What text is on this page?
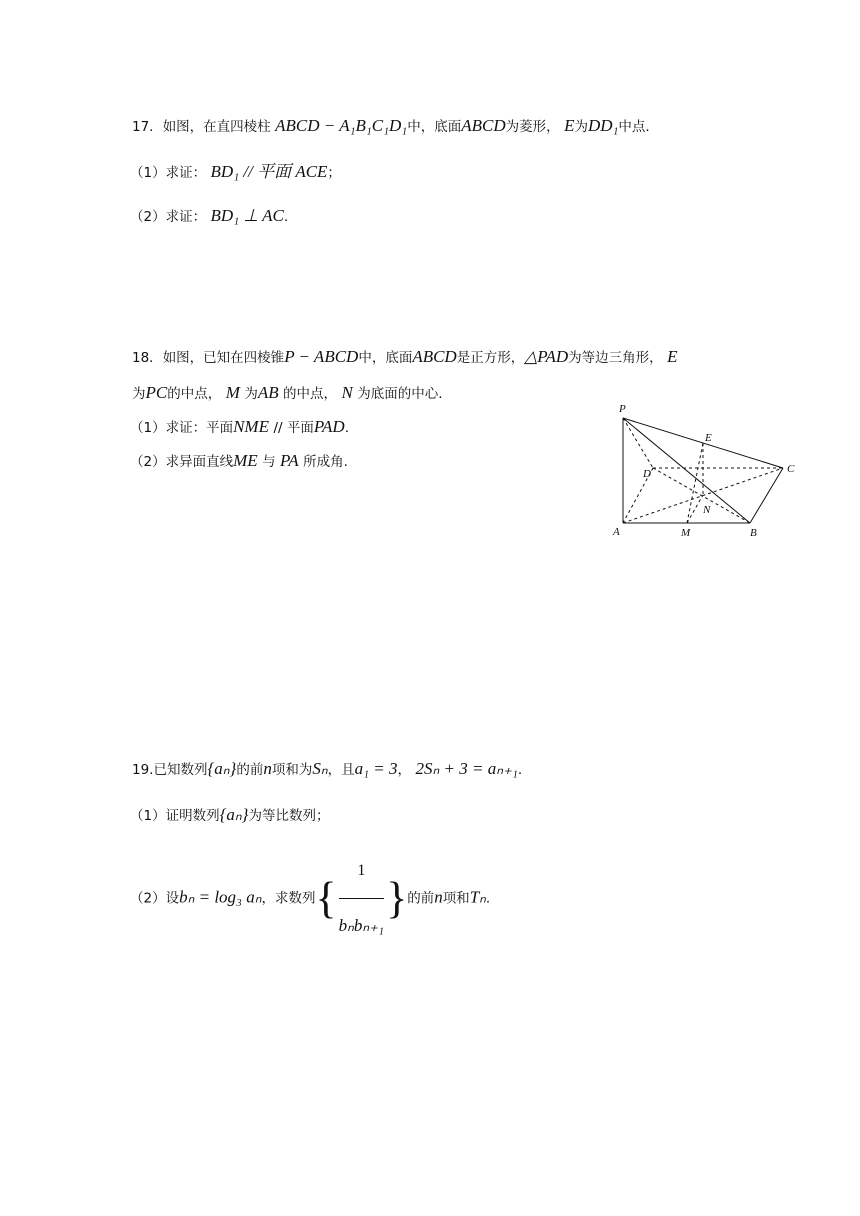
17．如图，在直四棱柱 ABCD − A₁B₁C₁D₁中，底面ABCD为菱形， E为DD₁中点.
（1）求证： BD₁ // 平面 ACE；
（2）求证： BD₁ ⊥ AC.
18．如图，已知在四棱锥P − ABCD中，底面ABCD是正方形，△PAD为等边三角形， E
为PC的中点， M 为AB 的中点， N 为底面的中心.
（1）求证：平面NME // 平面PAD.
（2）求异面直线ME 与 PA 所成角.
P
E
D	C
N
A	M	B
19.已知数列{aₙ}的前n项和为Sₙ，且a₁ = 3， 2Sₙ + 3 = aₙ₊₁.
（1）证明数列{aₙ}为等比数列；
（2）设bₙ = log₃ aₙ，求数列{ $\frac{1}{\text{bₙbₙ₊₁}}$ }的前n项和Tₙ.
